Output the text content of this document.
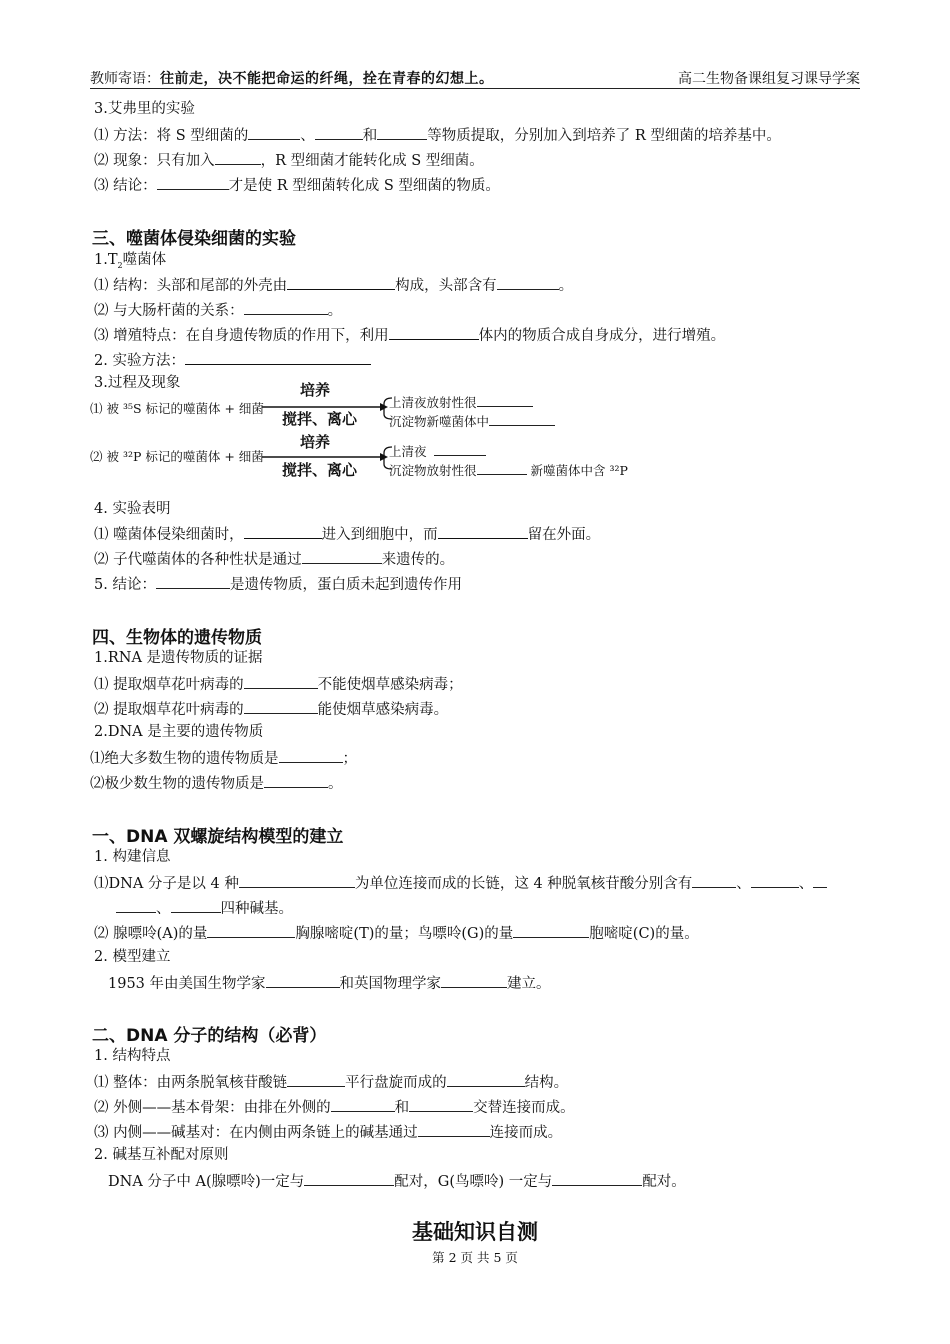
教师寄语：往前走，决不能把命运的纤绳，拴在青春的幻想上。	高二生物备课组复习课导学案
3.艾弗里的实验
⑴ 方法：将 S 型细菌的	、	和	等物质提取，分别加入到培养了 R 型细菌的培养基中。
⑵ 现象：只有加入	，R 型细菌才能转化成 S 型细菌。
⑶ 结论：	才是使 R 型细菌转化成 S 型细菌的物质。
三、噬菌体侵染细菌的实验
$1.T_2$噬菌体
⑴ 结构：头部和尾部的外壳由	构成，头部含有	。
⑵ 与大肠杆菌的关系：	。
⑶ 增殖特点：在自身遗传物质的作用下，利用	体内的物质合成自身成分，进行增殖。
2. 实验方法：
3.过程及现象
⑴ 被 ³⁵S 标记的噬菌体 + 细菌
培养
搅拌、离心
上清夜放射性很
沉淀物新噬菌体中
培养
⑵ 被 ³²P 标记的噬菌体 + 细菌
搅拌、离心
上清夜
沉淀物放射性很	新噬菌体中含 ³²P
4. 实验表明
⑴ 噬菌体侵染细菌时，	进入到细胞中，而	留在外面。
⑵ 子代噬菌体的各种性状是通过	来遗传的。
5. 结论：	是遗传物质，蛋白质未起到遗传作用
四、生物体的遗传物质
1.RNA 是遗传物质的证据
⑴ 提取烟草花叶病毒的	不能使烟草感染病毒；
⑵ 提取烟草花叶病毒的	能使烟草感染病毒。
2.DNA 是主要的遗传物质
⑴绝大多数生物的遗传物质是	；
⑵极少数生物的遗传物质是	。
一、DNA 双螺旋结构模型的建立
1. 构建信息
⑴DNA 分子是以 4 种	为单位连接而成的长链，这 4 种脱氧核苷酸分别含有	、	、
、	四种碱基。
⑵ 腺嘌呤(A)的量	胸腺嘧啶(T)的量；鸟嘌呤(G)的量	胞嘧啶(C)的量。
2. 模型建立
1953 年由美国生物学家	和英国物理学家	建立。
二、DNA 分子的结构（必背）
1. 结构特点
⑴ 整体：由两条脱氧核苷酸链	平行盘旋而成的	结构。
⑵ 外侧——基本骨架：由排在外侧的	和	交替连接而成。
⑶ 内侧——碱基对：在内侧由两条链上的碱基通过	连接而成。
2. 碱基互补配对原则
DNA 分子中 A(腺嘌呤)一定与	配对，G(鸟嘌呤) 一定与	配对。
基础知识自测
第 2 页 共 5 页
